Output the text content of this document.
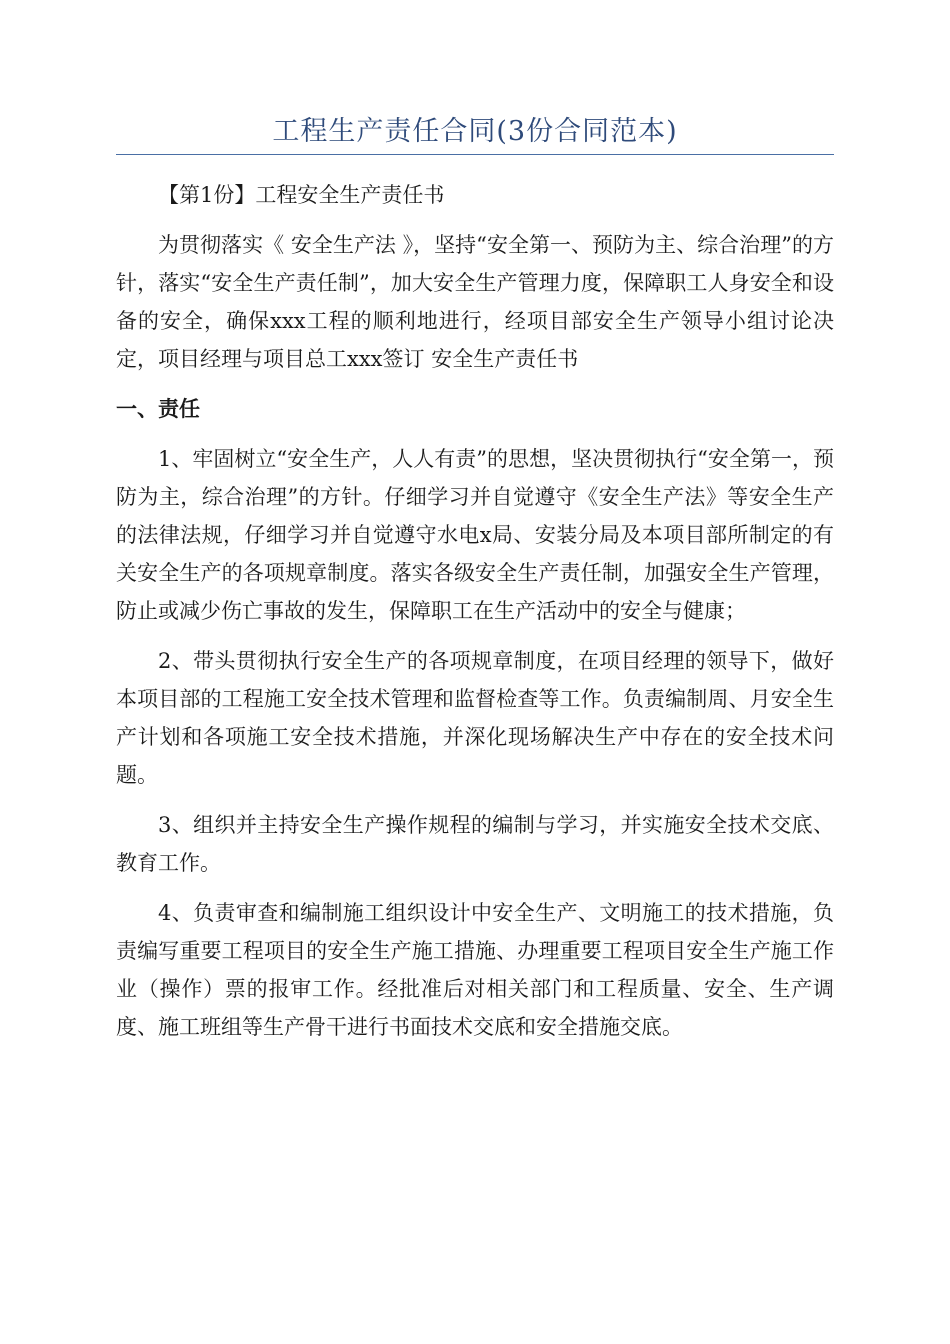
工程生产责任合同(3份合同范本)

【第1份】工程安全生产责任书

为贯彻落实《 安全生产法 》，坚持“安全第一、预防为主、综合治理”的方针，落实“安全生产责任制”，加大安全生产管理力度，保障职工人身安全和设备的安全，确保xxx工程的顺利地进行，经项目部安全生产领导小组讨论决定，项目经理与项目总工xxx签订 安全生产责任书

一、责任

1、牢固树立“安全生产，人人有责”的思想，坚决贯彻执行“安全第一，预防为主，综合治理”的方针。仔细学习并自觉遵守《安全生产法》等安全生产的法律法规，仔细学习并自觉遵守水电x局、安装分局及本项目部所制定的有关安全生产的各项规章制度。落实各级安全生产责任制，加强安全生产管理，防止或减少伤亡事故的发生，保障职工在生产活动中的安全与健康；

2、带头贯彻执行安全生产的各项规章制度，在项目经理的领导下，做好本项目部的工程施工安全技术管理和监督检查等工作。负责编制周、月安全生产计划和各项施工安全技术措施，并深化现场解决生产中存在的安全技术问题。

3、组织并主持安全生产操作规程的编制与学习，并实施安全技术交底、教育工作。

4、负责审查和编制施工组织设计中安全生产、文明施工的技术措施，负责编写重要工程项目的安全生产施工措施、办理重要工程项目安全生产施工作业（操作）票的报审工作。经批准后对相关部门和工程质量、安全、生产调度、施工班组等生产骨干进行书面技术交底和安全措施交底。
